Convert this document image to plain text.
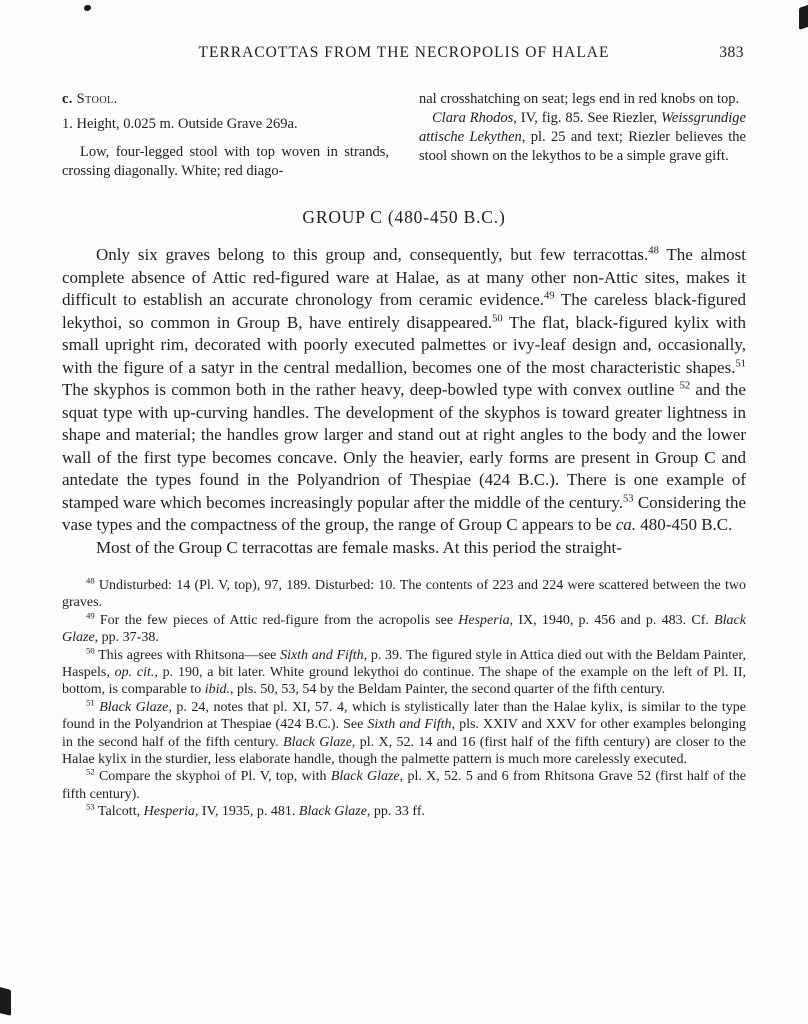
TERRACOTTAS FROM THE NECROPOLIS OF HALAE	383

c. Stool.

1. Height, 0.025 m. Outside Grave 269a.

Low, four-legged stool with top woven in strands, crossing diagonally. White; red diago-

nal crosshatching on seat; legs end in red knobs on top.

Clara Rhodos, IV, fig. 85. See Riezler, Weissgrundige attische Lekythen, pl. 25 and text; Riezler believes the stool shown on the lekythos to be a simple grave gift.

GROUP C (480-450 B.C.)

Only six graves belong to this group and, consequently, but few terracottas.$^{48}$ The almost complete absence of Attic red-figured ware at Halae, as at many other non-Attic sites, makes it difficult to establish an accurate chronology from ceramic evidence.$^{49}$ The careless black-figured lekythoi, so common in Group B, have entirely disappeared.$^{50}$ The flat, black-figured kylix with small upright rim, decorated with poorly executed palmettes or ivy-leaf design and, occasionally, with the figure of a satyr in the central medallion, becomes one of the most characteristic shapes.$^{51}$ The skyphos is common both in the rather heavy, deep-bowled type with convex outline $^{52}$ and the squat type with up-curving handles. The development of the skyphos is toward greater lightness in shape and material; the handles grow larger and stand out at right angles to the body and the lower wall of the first type becomes concave. Only the heavier, early forms are present in Group C and antedate the types found in the Polyandrion of Thespiae (424 B.C.). There is one example of stamped ware which becomes increasingly popular after the middle of the century.$^{53}$ Considering the vase types and the compactness of the group, the range of Group C appears to be ca. 480-450 B.C.

Most of the Group C terracottas are female masks. At this period the straight-

$^{48}$ Undisturbed: 14 (Pl. V, top), 97, 189. Disturbed: 10. The contents of 223 and 224 were scattered between the two graves.

$^{49}$ For the few pieces of Attic red-figure from the acropolis see Hesperia, IX, 1940, p. 456 and p. 483. Cf. Black Glaze, pp. 37-38.

$^{50}$ This agrees with Rhitsona—see Sixth and Fifth, p. 39. The figured style in Attica died out with the Beldam Painter, Haspels, op. cit., p. 190, a bit later. White ground lekythoi do continue. The shape of the example on the left of Pl. II, bottom, is comparable to ibid., pls. 50, 53, 54 by the Beldam Painter, the second quarter of the fifth century.

$^{51}$ Black Glaze, p. 24, notes that pl. XI, 57. 4, which is stylistically later than the Halae kylix, is similar to the type found in the Polyandrion at Thespiae (424 B.C.). See Sixth and Fifth, pls. XXIV and XXV for other examples belonging in the second half of the fifth century. Black Glaze, pl. X, 52. 14 and 16 (first half of the fifth century) are closer to the Halae kylix in the sturdier, less elaborate handle, though the palmette pattern is much more carelessly executed.

$^{52}$ Compare the skyphoi of Pl. V, top, with Black Glaze, pl. X, 52. 5 and 6 from Rhitsona Grave 52 (first half of the fifth century).

$^{53}$ Talcott, Hesperia, IV, 1935, p. 481. Black Glaze, pp. 33 ff.
